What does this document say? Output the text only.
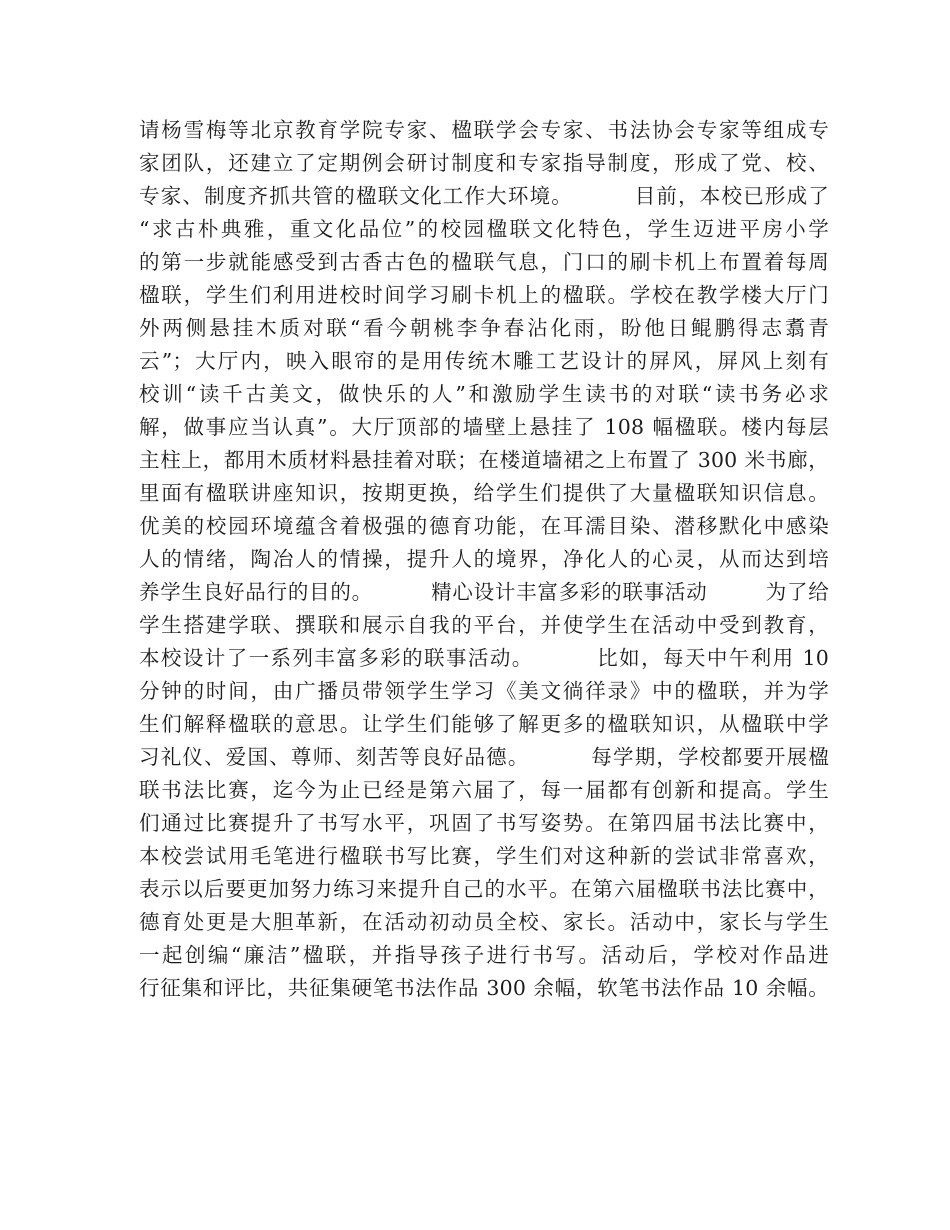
请杨雪梅等北京教育学院专家、楹联学会专家、书法协会专家等组成专
家团队，还建立了定期例会研讨制度和专家指导制度，形成了党、校、
专家、制度齐抓共管的楹联文化工作大环境。        目前，本校已形成了
“求古朴典雅，重文化品位”的校园楹联文化特色，学生迈进平房小学
的第一步就能感受到古香古色的楹联气息，门口的刷卡机上布置着每周
楹联，学生们利用进校时间学习刷卡机上的楹联。学校在教学楼大厅门
外两侧悬挂木质对联“看今朝桃李争春沾化雨，盼他日鲲鹏得志翥青
云”；大厅内，映入眼帘的是用传统木雕工艺设计的屏风，屏风上刻有
校训“读千古美文，做快乐的人”和激励学生读书的对联“读书务必求
解，做事应当认真”。大厅顶部的墙壁上悬挂了 108 幅楹联。楼内每层
主柱上，都用木质材料悬挂着对联；在楼道墙裙之上布置了 300 米书廊，
里面有楹联讲座知识，按期更换，给学生们提供了大量楹联知识信息。
优美的校园环境蕴含着极强的德育功能，在耳濡目染、潜移默化中感染
人的情绪，陶冶人的情操，提升人的境界，净化人的心灵，从而达到培
养学生良好品行的目的。        精心设计丰富多彩的联事活动        为了给
学生搭建学联、撰联和展示自我的平台，并使学生在活动中受到教育，
本校设计了一系列丰富多彩的联事活动。        比如，每天中午利用 10
分钟的时间，由广播员带领学生学习《美文徜徉录》中的楹联，并为学
生们解释楹联的意思。让学生们能够了解更多的楹联知识，从楹联中学
习礼仪、爱国、尊师、刻苦等良好品德。        每学期，学校都要开展楹
联书法比赛，迄今为止已经是第六届了，每一届都有创新和提高。学生
们通过比赛提升了书写水平，巩固了书写姿势。在第四届书法比赛中，
本校尝试用毛笔进行楹联书写比赛，学生们对这种新的尝试非常喜欢，
表示以后要更加努力练习来提升自己的水平。在第六届楹联书法比赛中，
德育处更是大胆革新，在活动初动员全校、家长。活动中，家长与学生
一起创编“廉洁”楹联，并指导孩子进行书写。活动后，学校对作品进
行征集和评比，共征集硬笔书法作品 300 余幅，软笔书法作品 10 余幅。
